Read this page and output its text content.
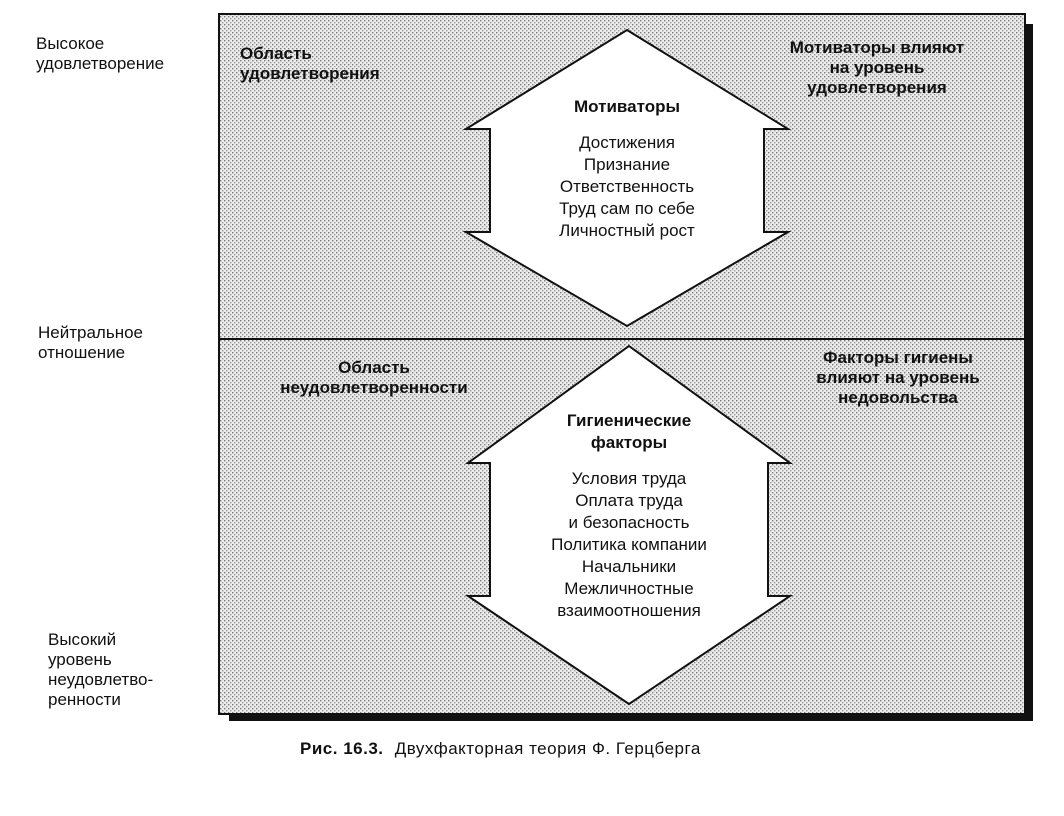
Высокое
удовлетворение
Нейтральное
отношение
Высокий
уровень
неудовлетво-
ренности
Область
удовлетворения
Мотиваторы влияют
на уровень
удовлетворения
Мотиваторы
Достижения
Признание
Ответственность
Труд сам по себе
Личностный рост
Область
неудовлетворенности
Факторы гигиены
влияют на уровень
недовольства
Гигиенические
факторы
Условия труда
Оплата труда
и безопасность
Политика компании
Начальники
Межличностные
взаимоотношения
Рис. 16.3. Двухфакторная теория Ф. Герцберга
